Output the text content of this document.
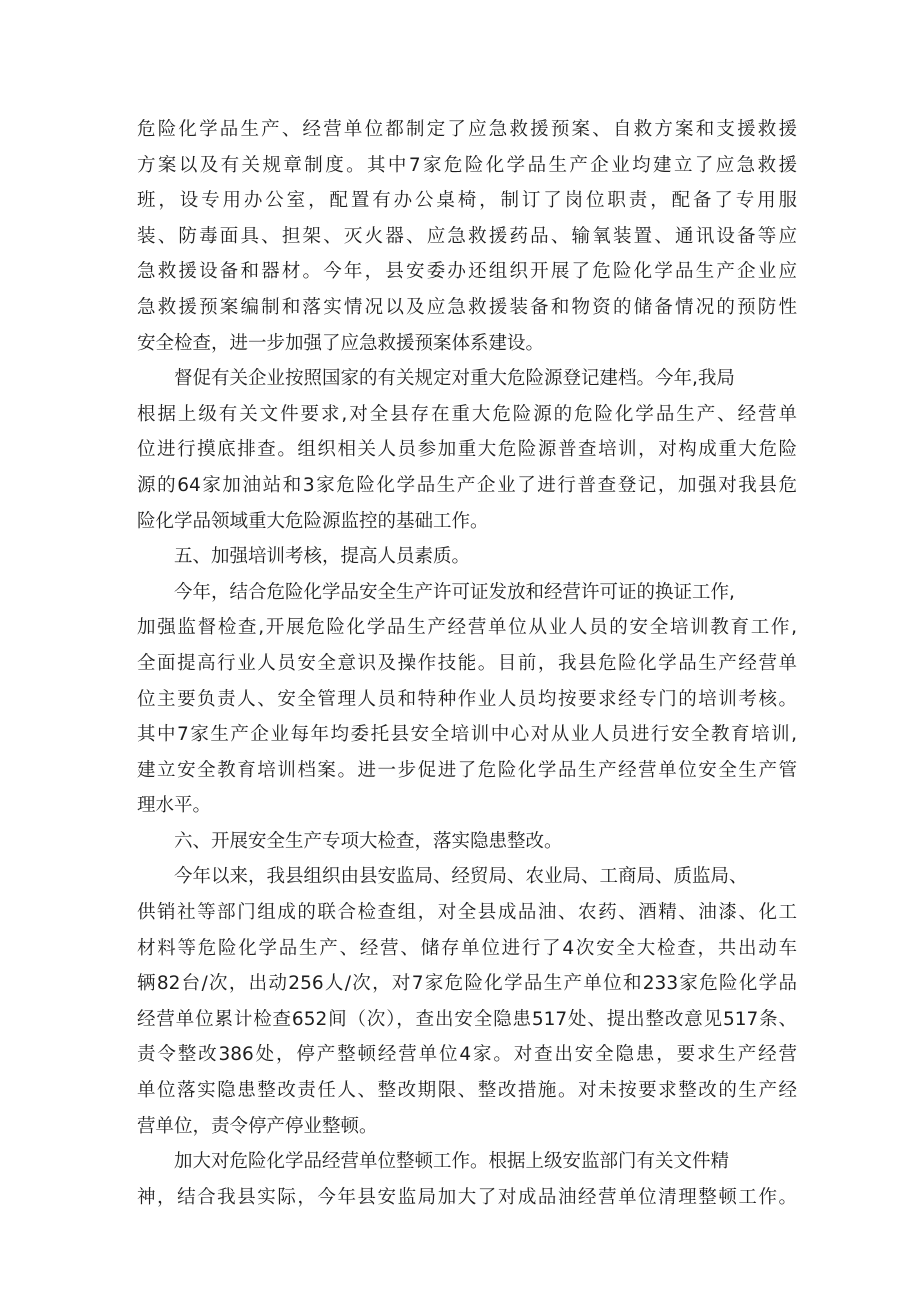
危险化学品生产、经营单位都制定了应急救援预案、自救方案和支援救援
方案以及有关规章制度。其中7家危险化学品生产企业均建立了应急救援
班，设专用办公室，配置有办公桌椅，制订了岗位职责，配备了专用服
装、防毒面具、担架、灭火器、应急救援药品、输氧装置、通讯设备等应
急救援设备和器材。今年，县安委办还组织开展了危险化学品生产企业应
急救援预案编制和落实情况以及应急救援装备和物资的储备情况的预防性
安全检查，进一步加强了应急救援预案体系建设。
督促有关企业按照国家的有关规定对重大危险源登记建档。今年,我局
根据上级有关文件要求,对全县存在重大危险源的危险化学品生产、经营单
位进行摸底排查。组织相关人员参加重大危险源普查培训，对构成重大危险
源的64家加油站和3家危险化学品生产企业了进行普查登记，加强对我县危
险化学品领域重大危险源监控的基础工作。
五、加强培训考核，提高人员素质。
今年，结合危险化学品安全生产许可证发放和经营许可证的换证工作,
加强监督检查,开展危险化学品生产经营单位从业人员的安全培训教育工作,
全面提高行业人员安全意识及操作技能。目前，我县危险化学品生产经营单
位主要负责人、安全管理人员和特种作业人员均按要求经专门的培训考核。
其中7家生产企业每年均委托县安全培训中心对从业人员进行安全教育培训,
建立安全教育培训档案。进一步促进了危险化学品生产经营单位安全生产管
理水平。
六、开展安全生产专项大检查，落实隐患整改。
今年以来，我县组织由县安监局、经贸局、农业局、工商局、质监局、
供销社等部门组成的联合检查组，对全县成品油、农药、酒精、油漆、化工
材料等危险化学品生产、经营、储存单位进行了4次安全大检查，共出动车
辆82台/次，出动256人/次，对7家危险化学品生产单位和233家危险化学品
经营单位累计检查652间（次），查出安全隐患517处、提出整改意见517条、
责令整改386处，停产整顿经营单位4家。对查出安全隐患，要求生产经营
单位落实隐患整改责任人、整改期限、整改措施。对未按要求整改的生产经
营单位，责令停产停业整顿。
加大对危险化学品经营单位整顿工作。根据上级安监部门有关文件精
神，结合我县实际，今年县安监局加大了对成品油经营单位清理整顿工作。
